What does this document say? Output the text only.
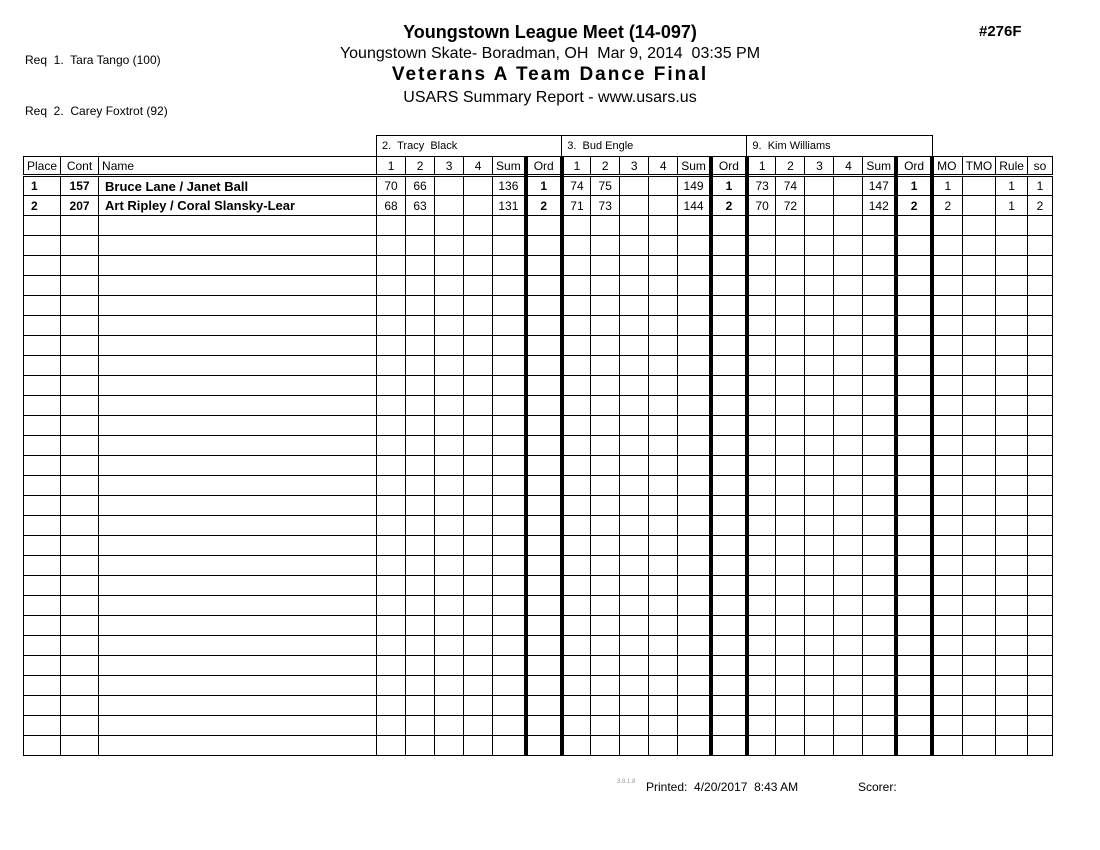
Req  1.  Tara Tango (100)

Req  2.  Carey Foxtrot (92)

Youngstown League Meet (14-097)
Youngstown Skate- Boradman, OH  Mar 9, 2014  03:35 PM
Veterans A Team Dance Final
USARS Summary Report - www.usars.us
#276F
			2.  Tracy  Black						3.  Bud Engle						9.  Kim Williams									
Place	Cont	Name	1	2	3	4	Sum	Ord	1	2	3	4	Sum	Ord	1	2	3	4	Sum	Ord	MO	TMO	Rule	so
1	157	Bruce Lane / Janet Ball	70	66			136	1	74	75			149	1	73	74			147	1	1		1	1
2	207	Art Ripley / Coral Slansky-Lear	68	63			131	2	71	73			144	2	70	72			142	2	2		1	2

3.8.1.8 Printed:  4/20/2017  8:43 AM	Scorer:
